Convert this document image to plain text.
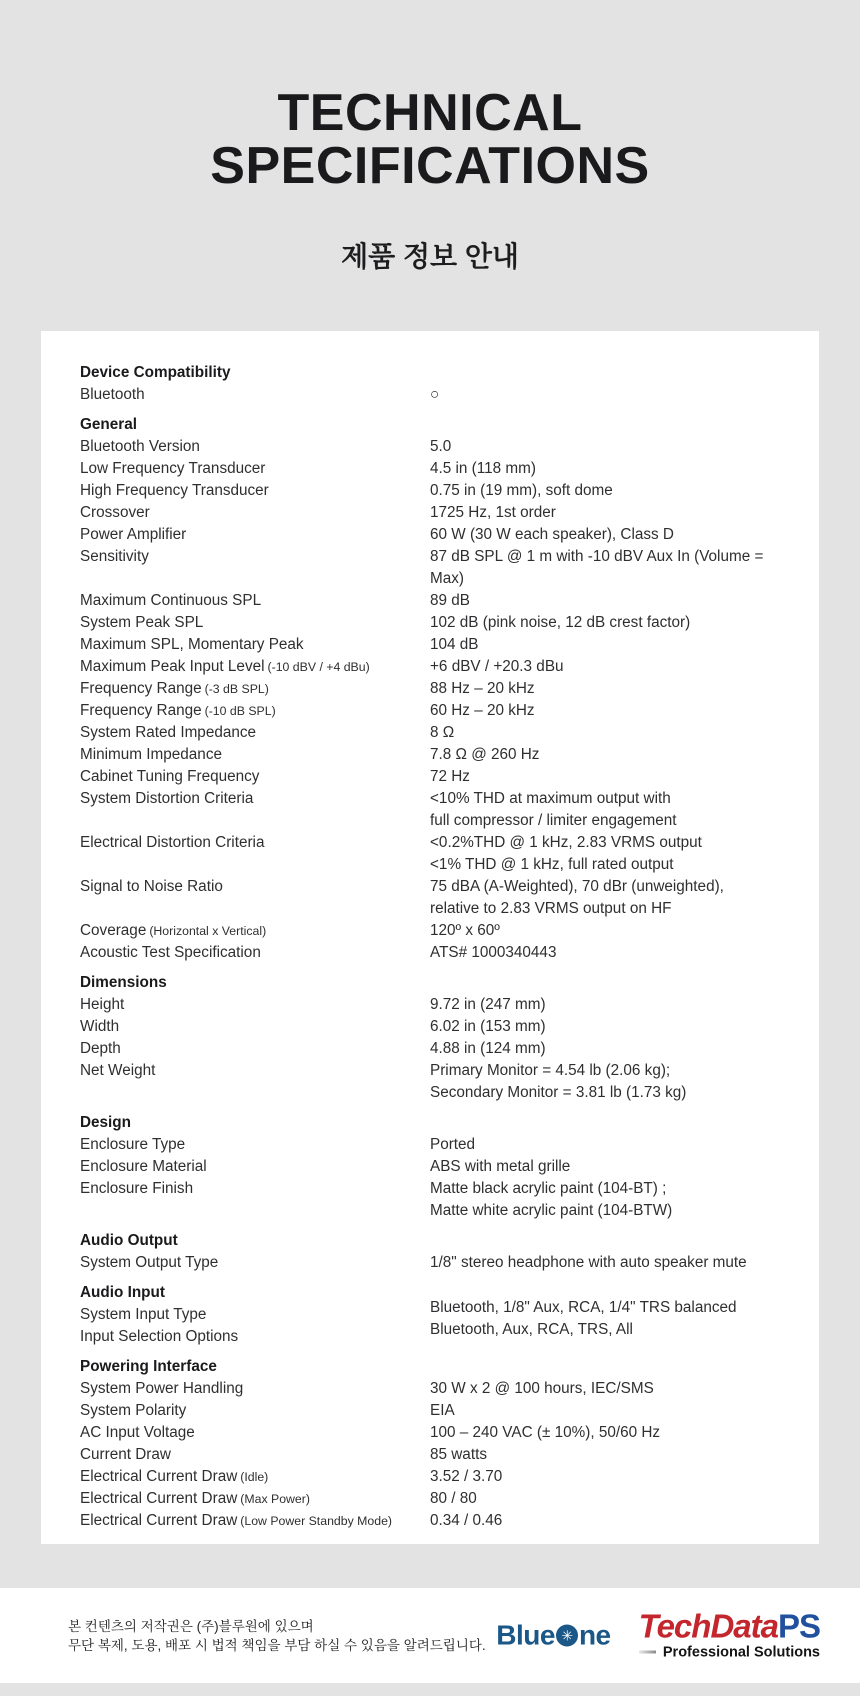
TECHNICAL
SPECIFICATIONS
제품 정보 안내
Device Compatibility
Bluetooth	○
General
Bluetooth Version	5.0
Low Frequency Transducer	4.5 in (118 mm)
High Frequency Transducer	0.75 in (19 mm), soft dome
Crossover	1725 Hz, 1st order
Power Amplifier	60 W (30 W each speaker), Class D
Sensitivity	87 dB SPL @ 1 m with -10 dBV Aux In (Volume = Max)
Maximum Continuous SPL	89 dB
System Peak SPL	102 dB (pink noise, 12 dB crest factor)
Maximum SPL, Momentary Peak	104 dB
Maximum Peak Input Level (-10 dBV / +4 dBu)	+6 dBV / +20.3 dBu
Frequency Range (-3 dB SPL)	88 Hz – 20 kHz
Frequency Range (-10 dB SPL)	60 Hz – 20 kHz
System Rated Impedance	8 Ω
Minimum Impedance	7.8 Ω @ 260 Hz
Cabinet Tuning Frequency	72 Hz
System Distortion Criteria	<10% THD at maximum output with
full compressor / limiter engagement
Electrical Distortion Criteria	<0.2%THD @ 1 kHz, 2.83 VRMS output
<1% THD @ 1 kHz, full rated output
Signal to Noise Ratio	75 dBA (A-Weighted), 70 dBr (unweighted),
relative to 2.83 VRMS output on HF
Coverage (Horizontal x Vertical)	120º x 60º
Acoustic Test Specification	ATS# 1000340443
Dimensions
Height	9.72 in (247 mm)
Width	6.02 in (153 mm)
Depth	4.88 in (124 mm)
Net Weight	Primary Monitor = 4.54 lb (2.06 kg);
Secondary Monitor = 3.81 lb (1.73 kg)
Design
Enclosure Type	Ported
Enclosure Material	ABS with metal grille
Enclosure Finish	Matte black acrylic paint (104-BT) ;
Matte white acrylic paint (104-BTW)
Audio Output
System Output Type	1/8" stereo headphone with auto speaker mute
Audio Input
System Input Type	Bluetooth, 1/8" Aux, RCA, 1/4" TRS balanced
Input Selection Options	Bluetooth, Aux, RCA, TRS, All
Powering Interface
System Power Handling	30 W x 2 @ 100 hours, IEC/SMS
System Polarity	EIA
AC Input Voltage	100 – 240 VAC (± 10%), 50/60 Hz
Current Draw	85 watts
Electrical Current Draw (Idle)	3.52 / 3.70
Electrical Current Draw (Max Power)	80 / 80
Electrical Current Draw (Low Power Standby Mode)	0.34 / 0.46
본 컨텐츠의 저작권은 (주)블루원에 있으며
무단 복제, 도용, 배포 시 법적 책임을 부담 하실 수 있음을 알려드립니다. Blue ✳ ne TechDataPS
Professional Solutions
